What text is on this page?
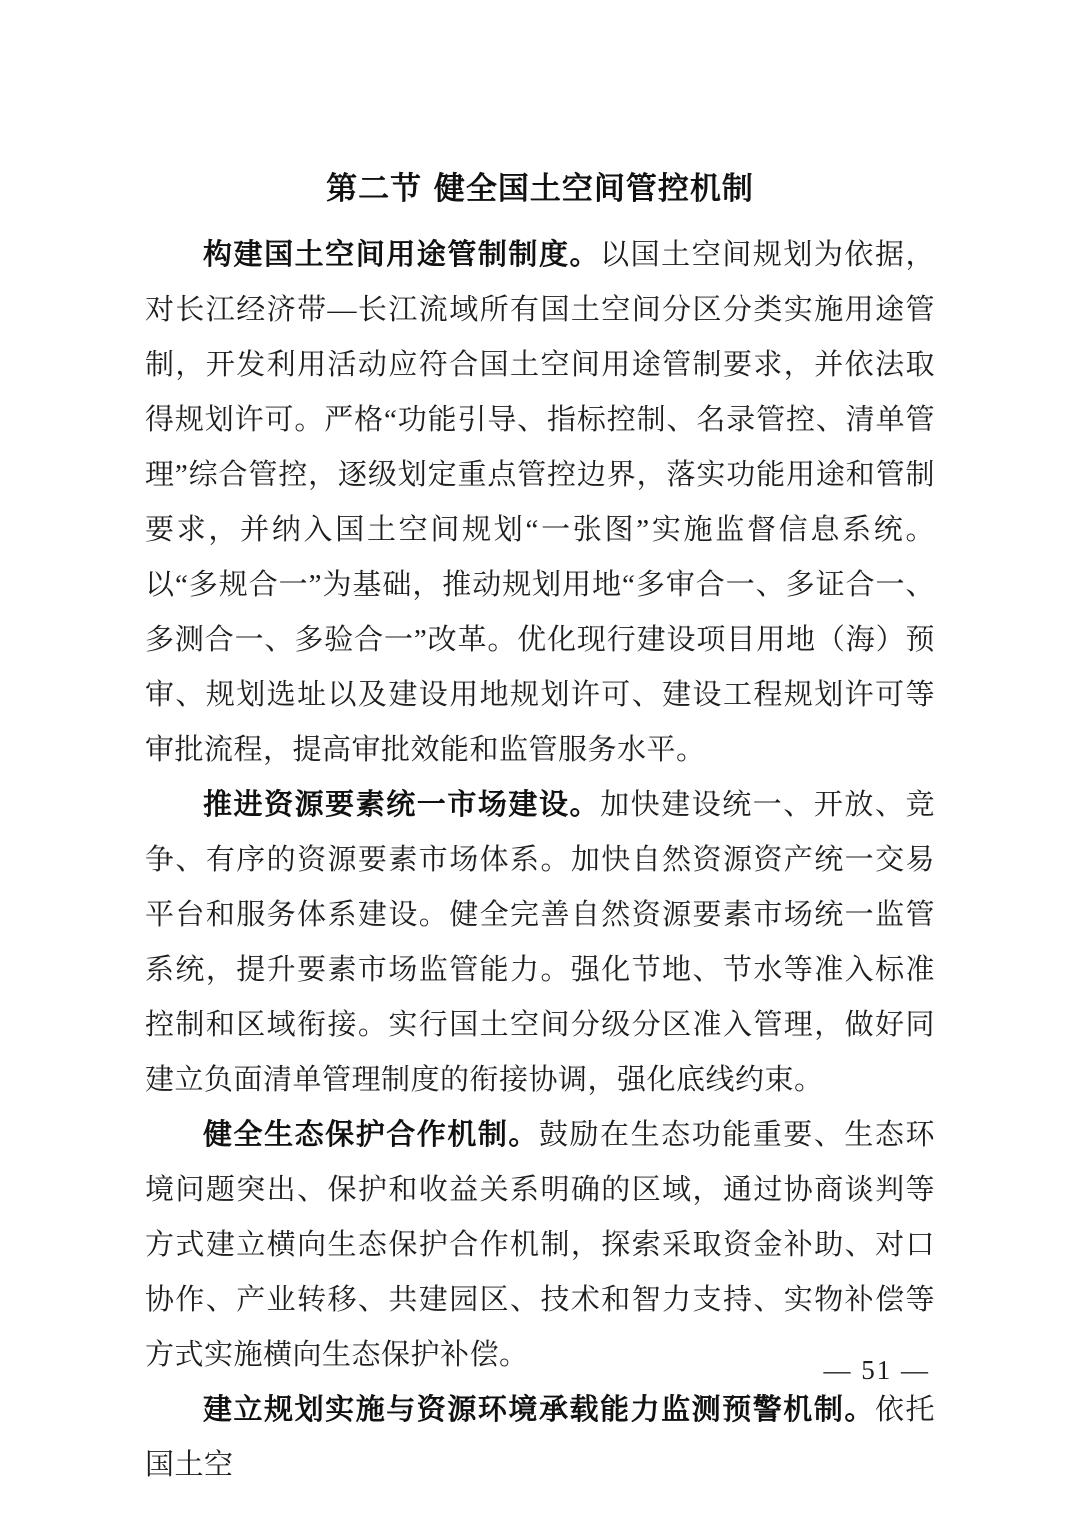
第二节 健全国土空间管控机制

构建国土空间用途管制制度。以国土空间规划为依据，对长江经济带—长江流域所有国土空间分区分类实施用途管制，开发利用活动应符合国土空间用途管制要求，并依法取得规划许可。严格“功能引导、指标控制、名录管控、清单管理”综合管控，逐级划定重点管控边界，落实功能用途和管制要求，并纳入国土空间规划“一张图”实施监督信息系统。以“多规合一”为基础，推动规划用地“多审合一、多证合一、多测合一、多验合一”改革。优化现行建设项目用地（海）预审、规划选址以及建设用地规划许可、建设工程规划许可等审批流程，提高审批效能和监管服务水平。

推进资源要素统一市场建设。加快建设统一、开放、竞争、有序的资源要素市场体系。加快自然资源资产统一交易平台和服务体系建设。健全完善自然资源要素市场统一监管系统，提升要素市场监管能力。强化节地、节水等准入标准控制和区域衔接。实行国土空间分级分区准入管理，做好同建立负面清单管理制度的衔接协调，强化底线约束。

健全生态保护合作机制。鼓励在生态功能重要、生态环境问题突出、保护和收益关系明确的区域，通过协商谈判等方式建立横向生态保护合作机制，探索采取资金补助、对口协作、产业转移、共建园区、技术和智力支持、实物补偿等方式实施横向生态保护补偿。

建立规划实施与资源环境承载能力监测预警机制。依托国土空

— 51 —
